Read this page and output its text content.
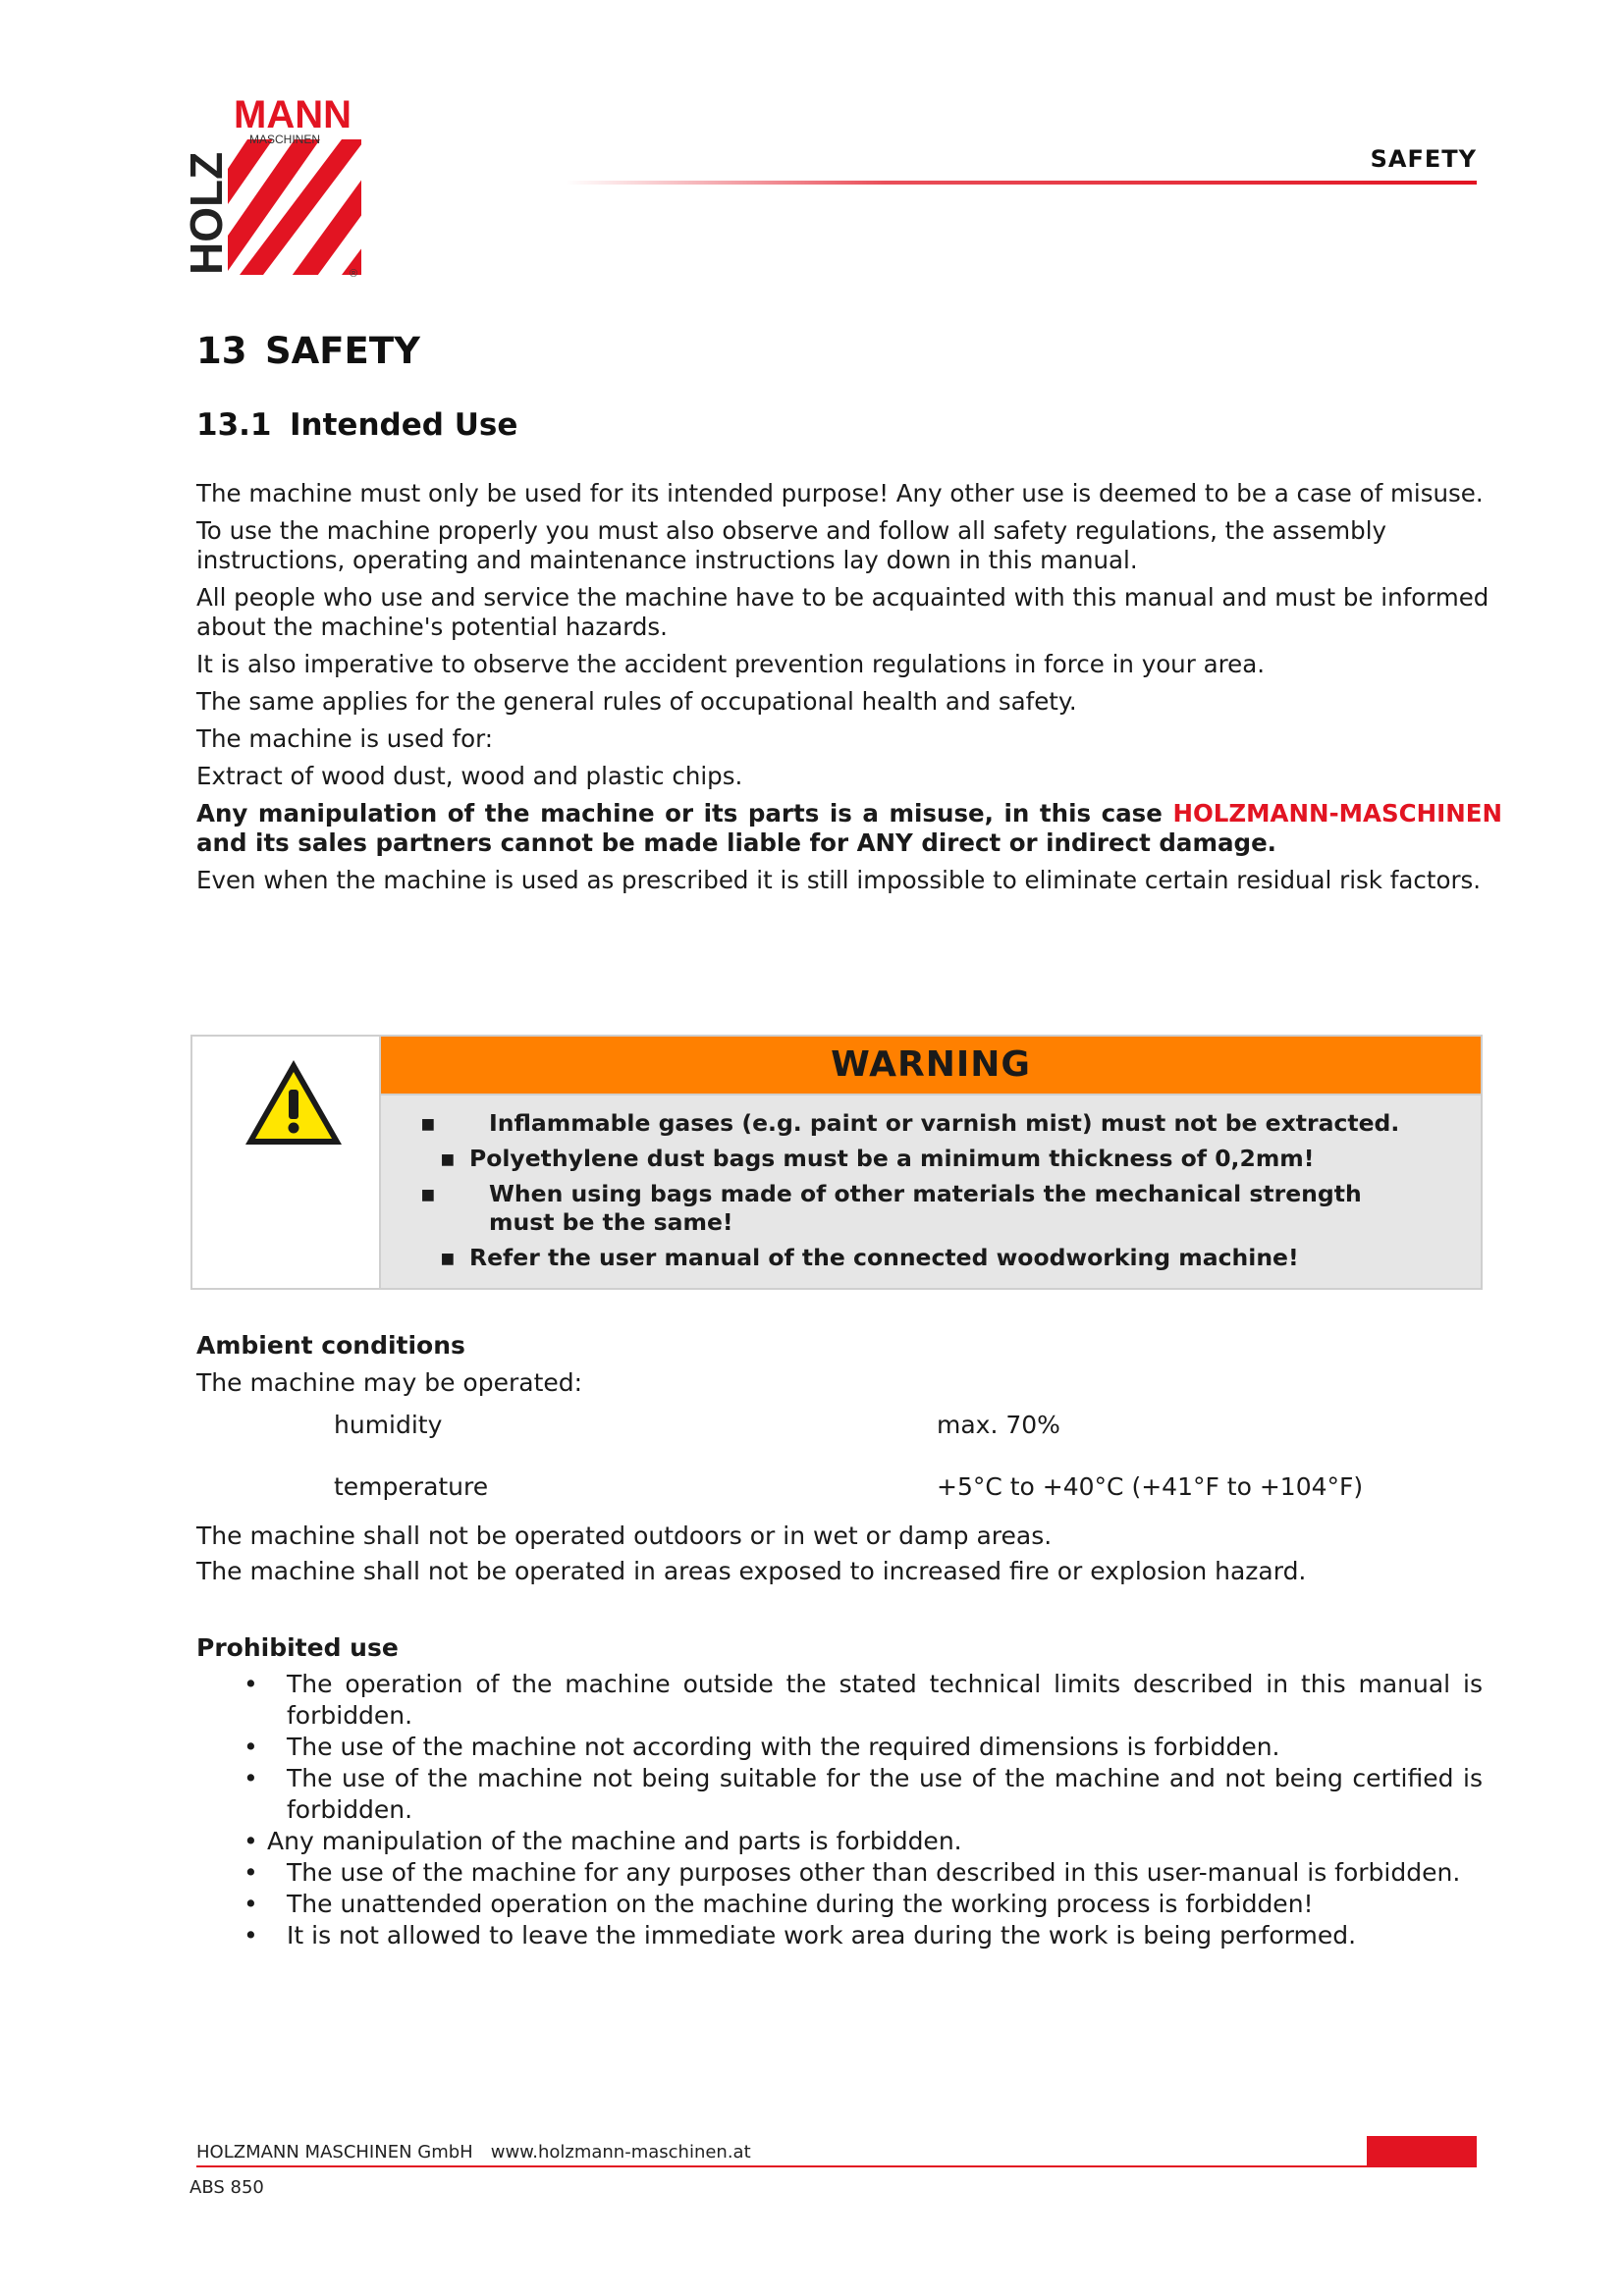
MANN
MASCHINEN
HOLZ	®
SAFETY
13 SAFETY
13.1 Intended Use

The machine must only be used for its intended purpose! Any other use is deemed to be a case of misuse.

To use the machine properly you must also observe and follow all safety regulations, the assembly instructions, operating and maintenance instructions lay down in this manual.

All people who use and service the machine have to be acquainted with this manual and must be informed about the machine's potential hazards.

It is also imperative to observe the accident prevention regulations in force in your area.

The same applies for the general rules of occupational health and safety.

The machine is used for:

Extract of wood dust, wood and plastic chips.

Any manipulation of the machine or its parts is a misuse, in this case HOLZMANN-MASCHINEN and its sales partners cannot be made liable for ANY direct or indirect damage.

Even when the machine is used as prescribed it is still impossible to eliminate certain residual risk factors.

WARNING
▪ Inflammable gases (e.g. paint or varnish mist) must not be extracted.
▪ Polyethylene dust bags must be a minimum thickness of 0,2mm!
▪ When using bags made of other materials the mechanical strength must be the same!
▪ Refer the user manual of the connected woodworking machine!
Ambient conditions
The machine may be operated:
humidity	max. 70%
temperature	+5°C to +40°C (+41°F to +104°F)

The machine shall not be operated outdoors or in wet or damp areas.

The machine shall not be operated in areas exposed to increased fire or explosion hazard.

Prohibited use
• The operation of the machine outside the stated technical limits described in this manual is forbidden.
• The use of the machine not according with the required dimensions is forbidden.
• The use of the machine not being suitable for the use of the machine and not being certified is forbidden.
• Any manipulation of the machine and parts is forbidden.
• The use of the machine for any purposes other than described in this user-manual is forbidden.
• The unattended operation on the machine during the working process is forbidden!
• It is not allowed to leave the immediate work area during the work is being performed.
HOLZMANN MASCHINEN GmbH www.holzmann-maschinen.at
ABS 850
